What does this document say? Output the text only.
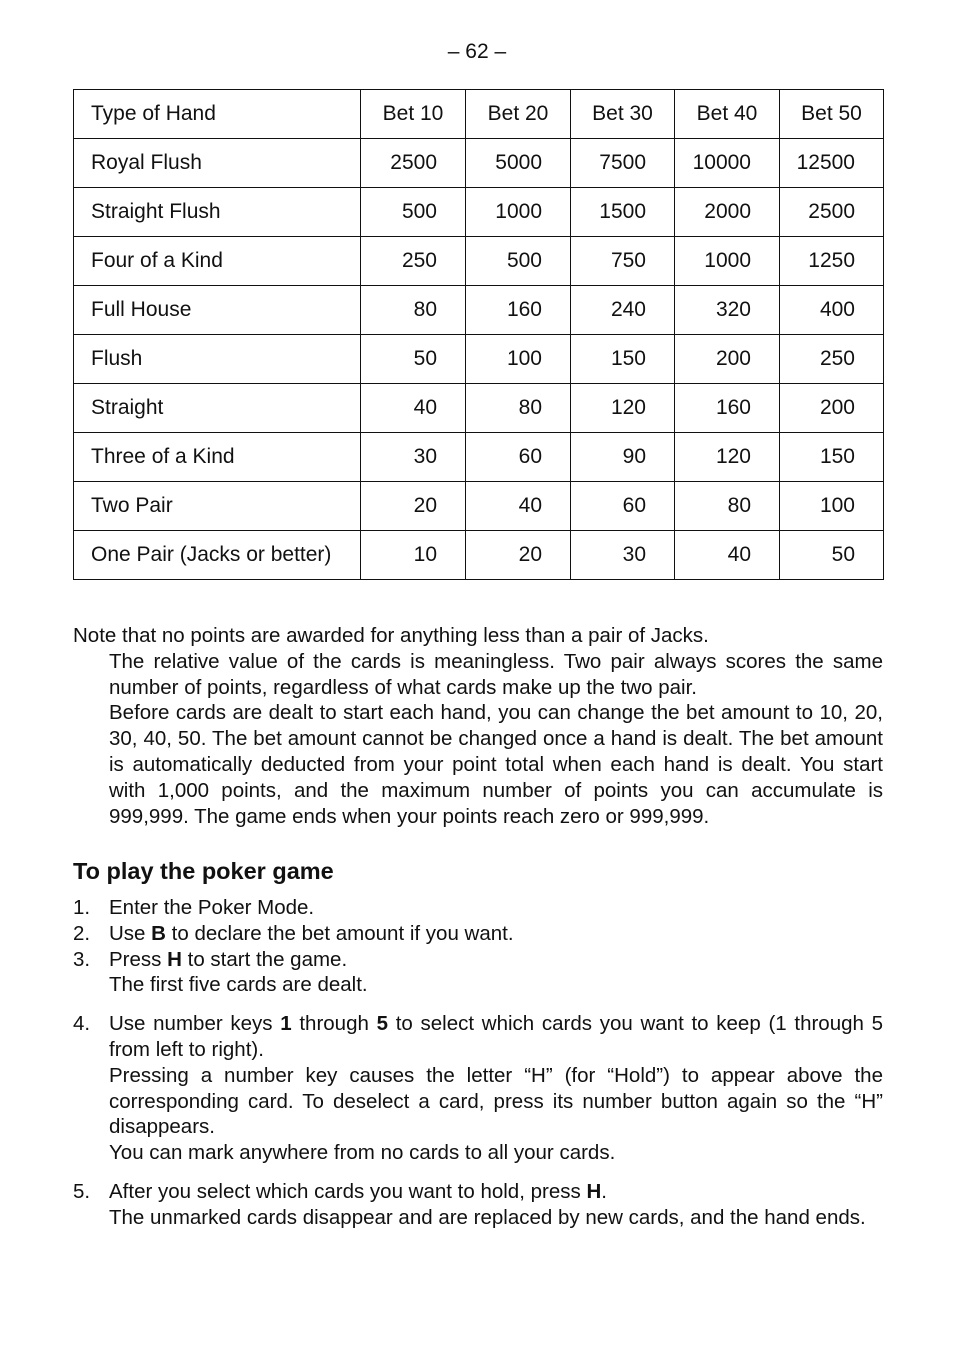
– 62 –
Type of Hand	Bet 10	Bet 20	Bet 30	Bet 40	Bet 50
Royal Flush	2500	5000	7500	10000	12500
Straight Flush	500	1000	1500	2000	2500
Four of a Kind	250	500	750	1000	1250
Full House	80	160	240	320	400
Flush	50	100	150	200	250
Straight	40	80	120	160	200
Three of a Kind	30	60	90	120	150
Two Pair	20	40	60	80	100
One Pair (Jacks or better)	10	20	30	40	50

Note that no points are awarded for anything less than a pair of Jacks.

The relative value of the cards is meaningless. Two pair always scores the same number of points, regardless of what cards make up the two pair.

Before cards are dealt to start each hand, you can change the bet amount to 10, 20, 30, 40, 50. The bet amount cannot be changed once a hand is dealt. The bet amount is automatically deducted from your point total when each hand is dealt. You start with 1,000 points, and the maximum number of points you can accumulate is 999,999. The game ends when your points reach zero or 999,999.

To play the poker game
1. Enter the Poker Mode.

2. Use B to declare the bet amount if you want.

3. Press H to start the game.

The first five cards are dealt.

4. Use number keys 1 through 5 to select which cards you want to keep (1 through 5 from left to right).

Pressing a number key causes the letter “H” (for “Hold”) to appear above the corresponding card. To deselect a card, press its number button again so the “H” disappears.

You can mark anywhere from no cards to all your cards.

5. After you select which cards you want to hold, press H.

The unmarked cards disappear and are replaced by new cards, and the hand ends.
